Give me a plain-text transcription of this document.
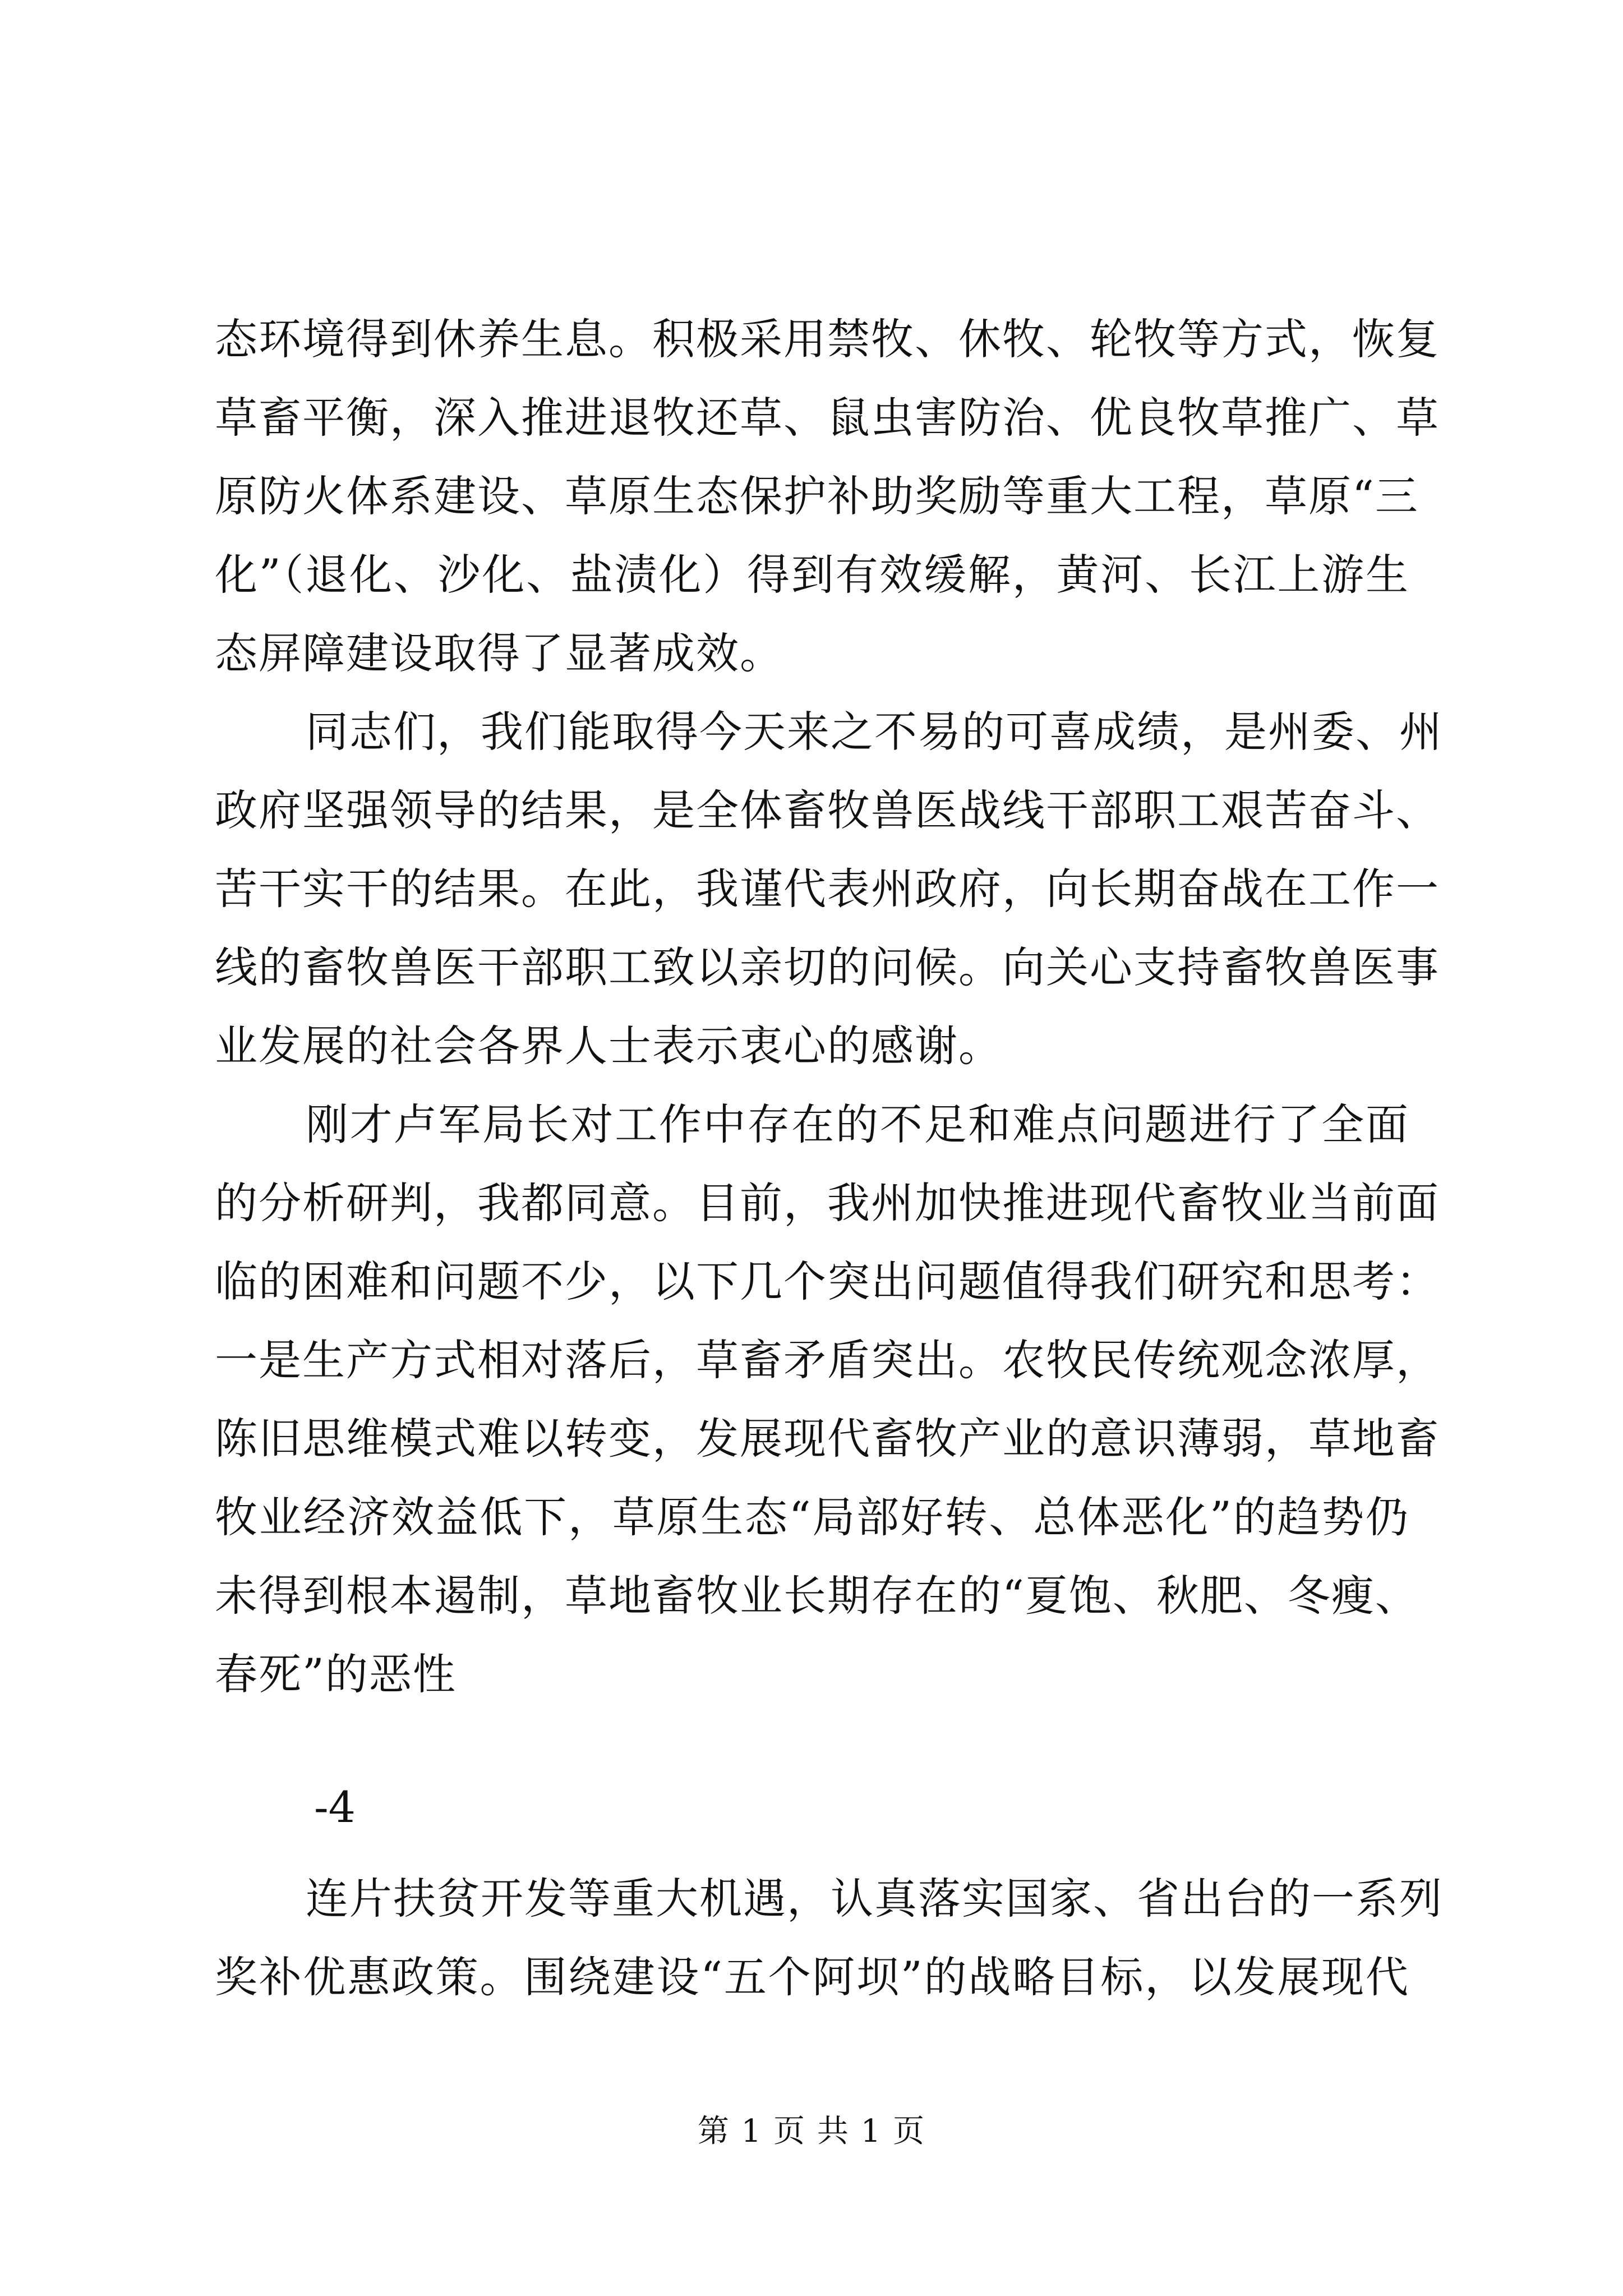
态环境得到休养生息。积极采用禁牧、休牧、轮牧等方式，恢复
草畜平衡，深入推进退牧还草、鼠虫害防治、优良牧草推广、草
原防火体系建设、草原生态保护补助奖励等重大工程，草原“三
化”（退化、沙化、盐渍化）得到有效缓解，黄河、长江上游生
态屏障建设取得了显著成效。
同志们，我们能取得今天来之不易的可喜成绩，是州委、州
政府坚强领导的结果，是全体畜牧兽医战线干部职工艰苦奋斗、
苦干实干的结果。在此，我谨代表州政府，向长期奋战在工作一
线的畜牧兽医干部职工致以亲切的问候。向关心支持畜牧兽医事
业发展的社会各界人士表示衷心的感谢。
刚才卢军局长对工作中存在的不足和难点问题进行了全面
的分析研判，我都同意。目前，我州加快推进现代畜牧业当前面
临的困难和问题不少，以下几个突出问题值得我们研究和思考：
一是生产方式相对落后，草畜矛盾突出。农牧民传统观念浓厚，
陈旧思维模式难以转变，发展现代畜牧产业的意识薄弱，草地畜
牧业经济效益低下，草原生态“局部好转、总体恶化”的趋势仍
未得到根本遏制，草地畜牧业长期存在的“夏饱、秋肥、冬瘦、
春死”的恶性
-4
连片扶贫开发等重大机遇，认真落实国家、省出台的一系列
奖补优惠政策。围绕建设“五个阿坝”的战略目标，以发展现代
第 1 页 共 1 页
